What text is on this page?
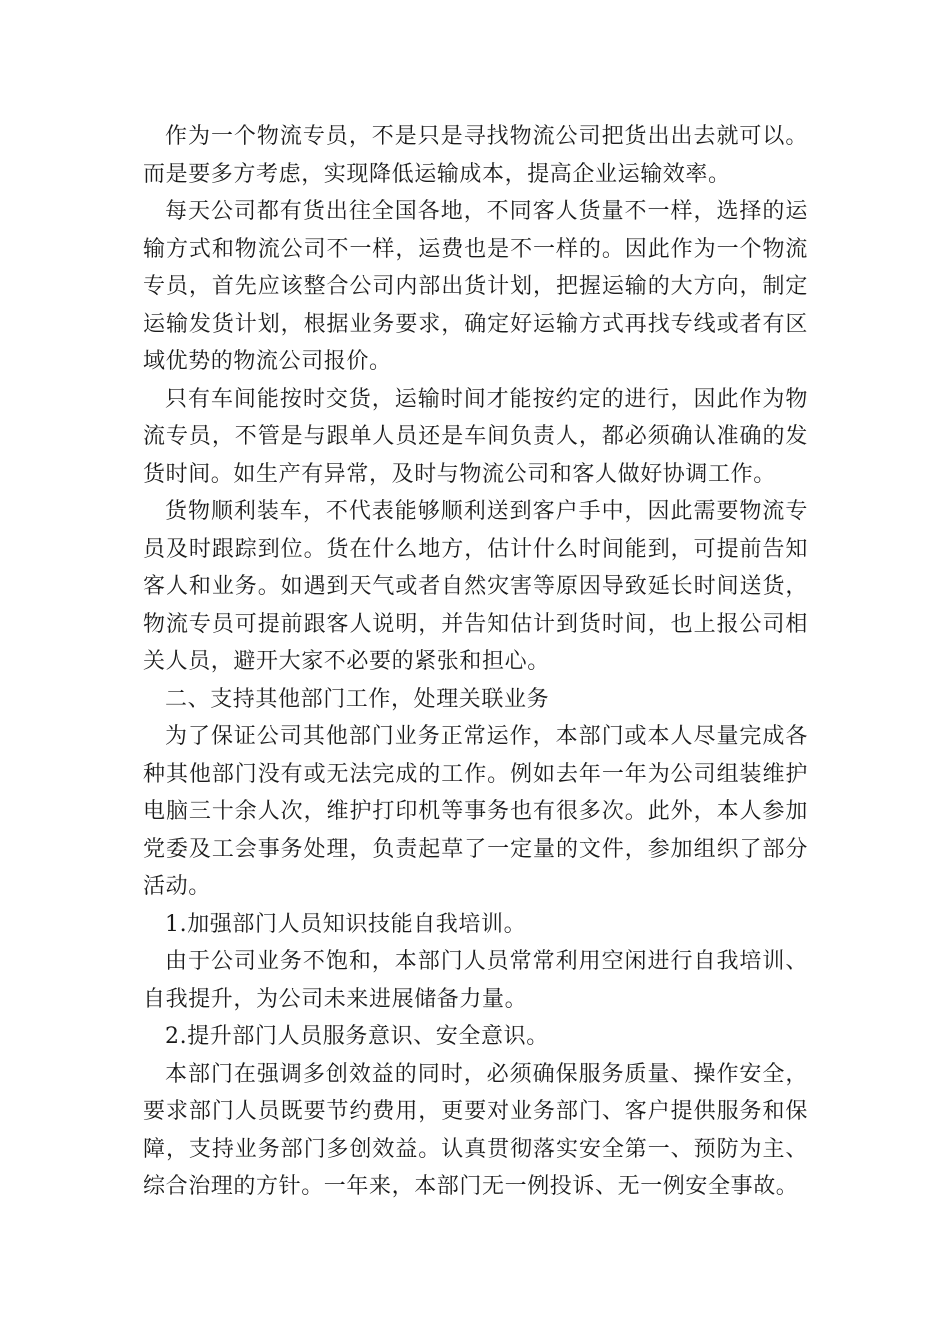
作为一个物流专员，不是只是寻找物流公司把货出出去就可以。而是要多方考虑，实现降低运输成本，提高企业运输效率。

每天公司都有货出往全国各地，不同客人货量不一样，选择的运输方式和物流公司不一样，运费也是不一样的。因此作为一个物流专员，首先应该整合公司内部出货计划，把握运输的大方向，制定运输发货计划，根据业务要求，确定好运输方式再找专线或者有区域优势的物流公司报价。

只有车间能按时交货，运输时间才能按约定的进行，因此作为物流专员，不管是与跟单人员还是车间负责人，都必须确认准确的发货时间。如生产有异常，及时与物流公司和客人做好协调工作。

货物顺利装车，不代表能够顺利送到客户手中，因此需要物流专员及时跟踪到位。货在什么地方，估计什么时间能到，可提前告知客人和业务。如遇到天气或者自然灾害等原因导致延长时间送货，物流专员可提前跟客人说明，并告知估计到货时间，也上报公司相关人员，避开大家不必要的紧张和担心。

二、支持其他部门工作，处理关联业务

为了保证公司其他部门业务正常运作，本部门或本人尽量完成各种其他部门没有或无法完成的工作。例如去年一年为公司组装维护电脑三十余人次，维护打印机等事务也有很多次。此外，本人参加党委及工会事务处理，负责起草了一定量的文件，参加组织了部分活动。

1.加强部门人员知识技能自我培训。

由于公司业务不饱和，本部门人员常常利用空闲进行自我培训、自我提升，为公司未来进展储备力量。

2.提升部门人员服务意识、安全意识。

本部门在强调多创效益的同时，必须确保服务质量、操作安全，要求部门人员既要节约费用，更要对业务部门、客户提供服务和保障，支持业务部门多创效益。认真贯彻落实安全第一、预防为主、综合治理的方针。一年来，本部门无一例投诉、无一例安全事故。
